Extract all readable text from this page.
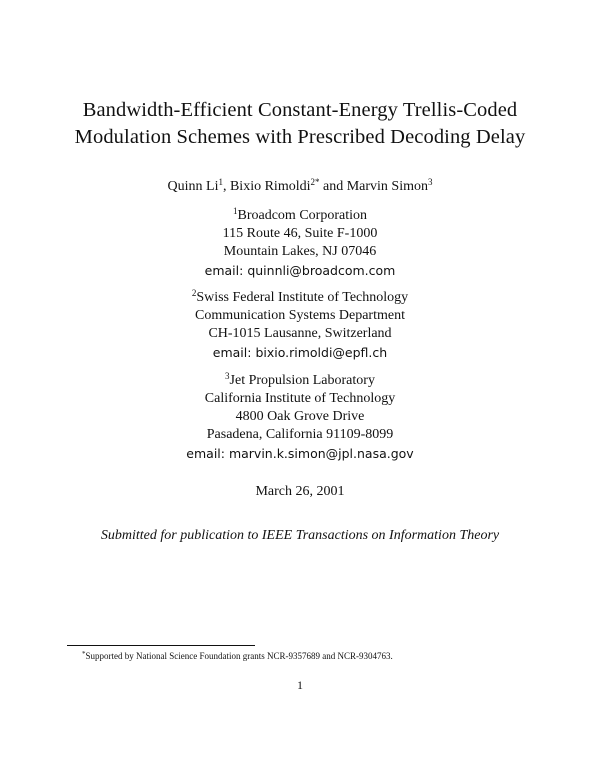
Bandwidth-Efficient Constant-Energy Trellis-Coded
Modulation Schemes with Prescribed Decoding Delay
Quinn Li$^1$, Bixio Rimoldi$^{2*}$ and Marvin Simon$^3$
$^1$Broadcom Corporation
115 Route 46, Suite F-1000
Mountain Lakes, NJ 07046
email: quinnli@broadcom.com
$^2$Swiss Federal Institute of Technology
Communication Systems Department
CH-1015 Lausanne, Switzerland
email: bixio.rimoldi@epfl.ch
$^3$Jet Propulsion Laboratory
California Institute of Technology
4800 Oak Grove Drive
Pasadena, California 91109-8099
email: marvin.k.simon@jpl.nasa.gov
March 26, 2001
Submitted for publication to IEEE Transactions on Information Theory
*Supported by National Science Foundation grants NCR-9357689 and NCR-9304763.
1
